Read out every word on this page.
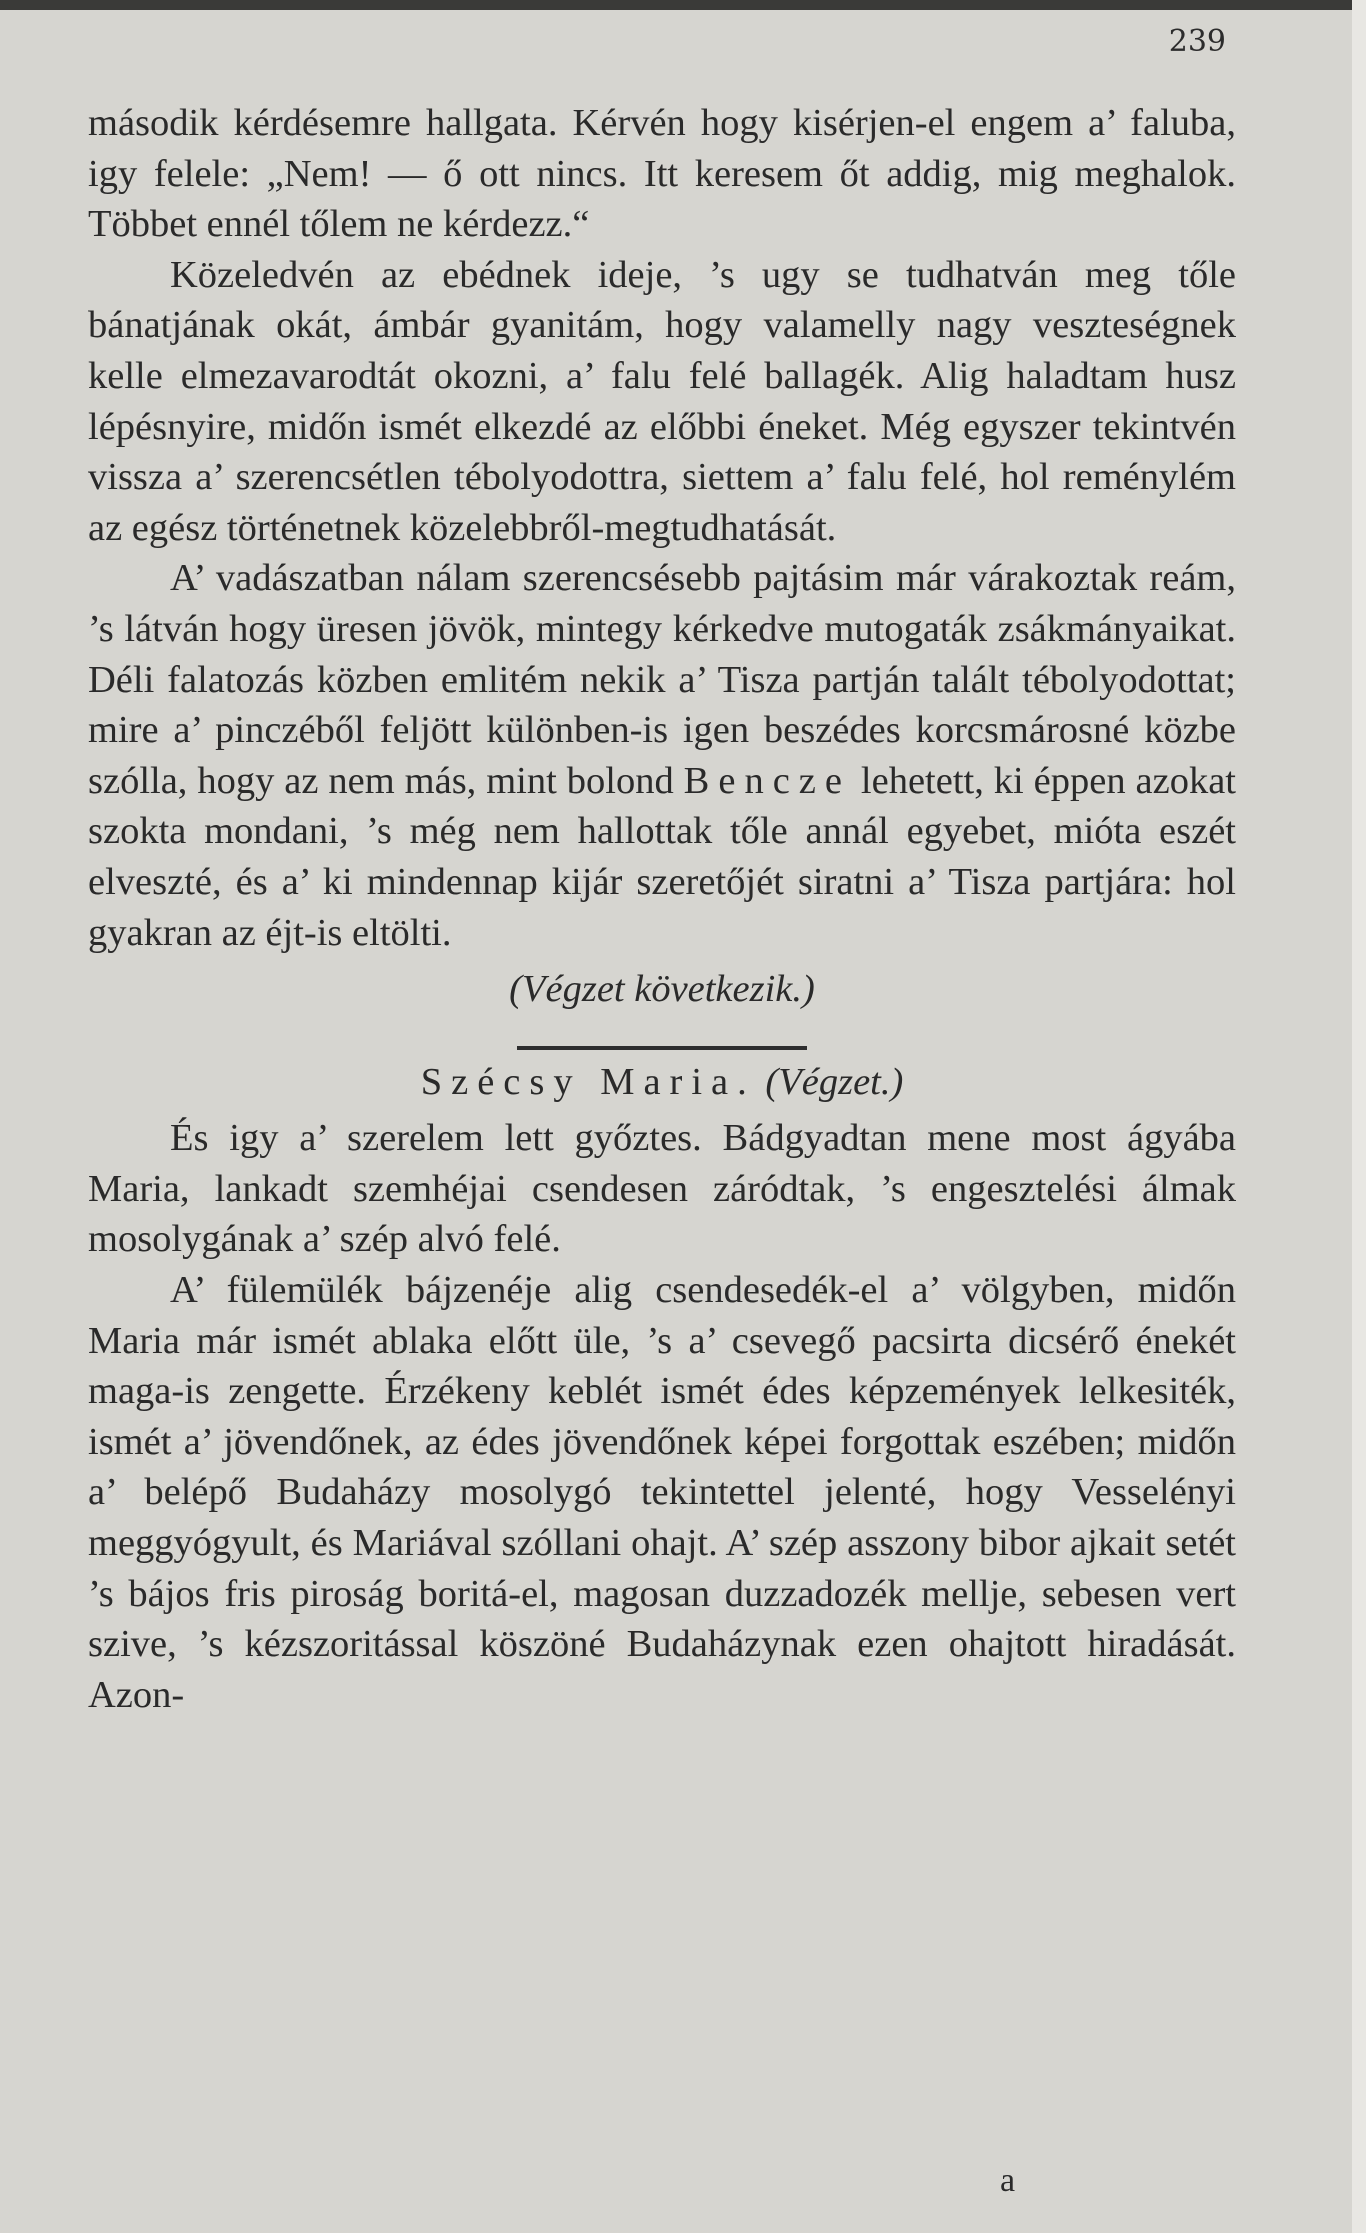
239

második kérdésemre hallgata. Kérvén hogy kisérjen-el engem a’ faluba, igy felele: „Nem! — ő ott nincs. Itt keresem őt addig, mig meghalok. Többet ennél tőlem ne kérdezz.“

Közeledvén az ebédnek ideje, ’s ugy se tudhatván meg tőle bánatjának okát, ámbár gyanitám, hogy valamelly nagy veszteségnek kelle elmezavarodtát okozni, a’ falu felé ballagék. Alig haladtam husz lépésnyire, midőn ismét elkezdé az előbbi éneket. Még egyszer tekintvén vissza a’ szerencsétlen tébolyodottra, siettem a’ falu felé, hol reménylém az egész történetnek közelebbről-megtudhatását.

A’ vadászatban nálam szerencsésebb pajtásim már várakoztak reám, ’s látván hogy üresen jövök, mintegy kérkedve mutogaták zsákmányaikat. Déli falatozás közben emlitém nekik a’ Tisza partján talált tébolyodottat; mire a’ pinczéből feljött különben-is igen beszédes korcsmárosné közbe szólla, hogy az nem más, mint bolond Bencze lehetett, ki éppen azokat szokta mondani, ’s még nem hallottak tőle annál egyebet, mióta eszét elveszté, és a’ ki mindennap kijár szeretőjét siratni a’ Tisza partjára: hol gyakran az éjt-is eltölti.

(Végzet következik.)

Szécsy Maria. (Végzet.)

És igy a’ szerelem lett győztes. Bádgyadtan mene most ágyába Maria, lankadt szemhéjai csendesen záródtak, ’s engesztelési álmak mosolygának a’ szép alvó felé.

A’ fülemülék bájzenéje alig csendesedék-el a’ völgyben, midőn Maria már ismét ablaka előtt üle, ’s a’ csevegő pacsirta dicsérő énekét maga-is zengette. Érzékeny keblét ismét édes képzemények lelkesiték, ismét a’ jövendőnek, az édes jövendőnek képei forgottak eszében; midőn a’ belépő Budaházy mosolygó tekintettel jelenté, hogy Vesselényi meggyógyult, és Mariával szóllani ohajt. A’ szép asszony bibor ajkait setét ’s bájos fris piroság boritá-el, magosan duzzadozék mellje, sebesen vert szive, ’s kézszoritással köszöné Budaházynak ezen ohajtott hiradását. Azon-

a
